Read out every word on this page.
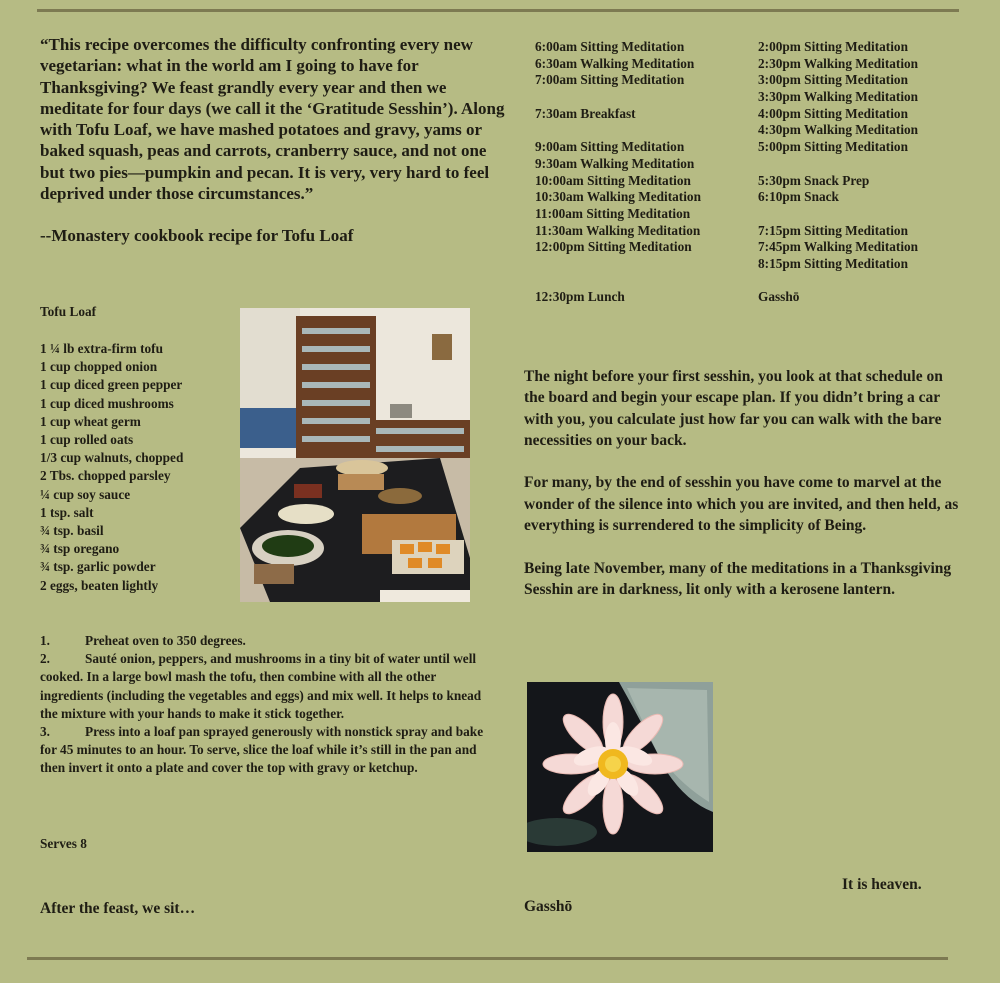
“This recipe overcomes the difficulty confronting every new vegetarian: what in the world am I going to have for Thanksgiving? We feast grandly every year and then we meditate for four days (we call it the ‘Gratitude Sesshin’). Along with Tofu Loaf, we have mashed potatoes and gravy, yams or baked squash, peas and carrots, cranberry sauce, and not one but two pies—pumpkin and pecan. It is very, very hard to feel deprived under those circumstances.”

--Monastery cookbook recipe for Tofu Loaf

Tofu Loaf
1 ¼ lb extra-firm tofu
1 cup chopped onion
1 cup diced green pepper
1 cup diced mushrooms
1 cup wheat germ
1 cup rolled oats
1/3 cup walnuts, chopped
2 Tbs. chopped parsley
¼ cup soy sauce
1 tsp. salt
¾ tsp. basil
¾ tsp oregano
¾ tsp. garlic powder
2 eggs, beaten lightly

1.	Preheat oven to 350 degrees.

2.	Sauté onion, peppers, and mushrooms in a tiny bit of water until well cooked. In a large bowl mash the tofu, then combine with all the other ingredients (including the vegetables and eggs) and mix well. It helps to knead the mixture with your hands to make it stick together.

3.	Press into a loaf pan sprayed generously with nonstick spray and bake for 45 minutes to an hour. To serve, slice the loaf while it’s still in the pan and then invert it onto a plate and cover the top with gravy or ketchup.

Serves 8
After the feast, we sit…
6:00am Sitting Meditation
6:30am Walking Meditation
7:00am Sitting Meditation
7:30am Breakfast
9:00am Sitting Meditation
9:30am Walking Meditation
10:00am Sitting Meditation
10:30am Walking Meditation
11:00am Sitting Meditation
11:30am Walking Meditation
12:00pm Sitting Meditation
12:30pm Lunch
2:00pm Sitting Meditation
2:30pm Walking Meditation
3:00pm Sitting Meditation
3:30pm Walking Meditation
4:00pm Sitting Meditation
4:30pm Walking Meditation
5:00pm Sitting Meditation
5:30pm Snack Prep
6:10pm Snack
7:15pm Sitting Meditation
7:45pm Walking Meditation
8:15pm Sitting Meditation
Gasshō

The night before your first sesshin, you look at that schedule on the board and begin your escape plan. If you didn’t bring a car with you, you calculate just how far you can walk with the bare necessities on your back.

For many, by the end of sesshin you have come to marvel at the wonder of the silence into which you are invited, and then held, as everything is surrendered to the simplicity of Being.

Being late November, many of the meditations in a Thanksgiving Sesshin are in darkness, lit only with a kerosene lantern.

It is heaven.
Gasshō
